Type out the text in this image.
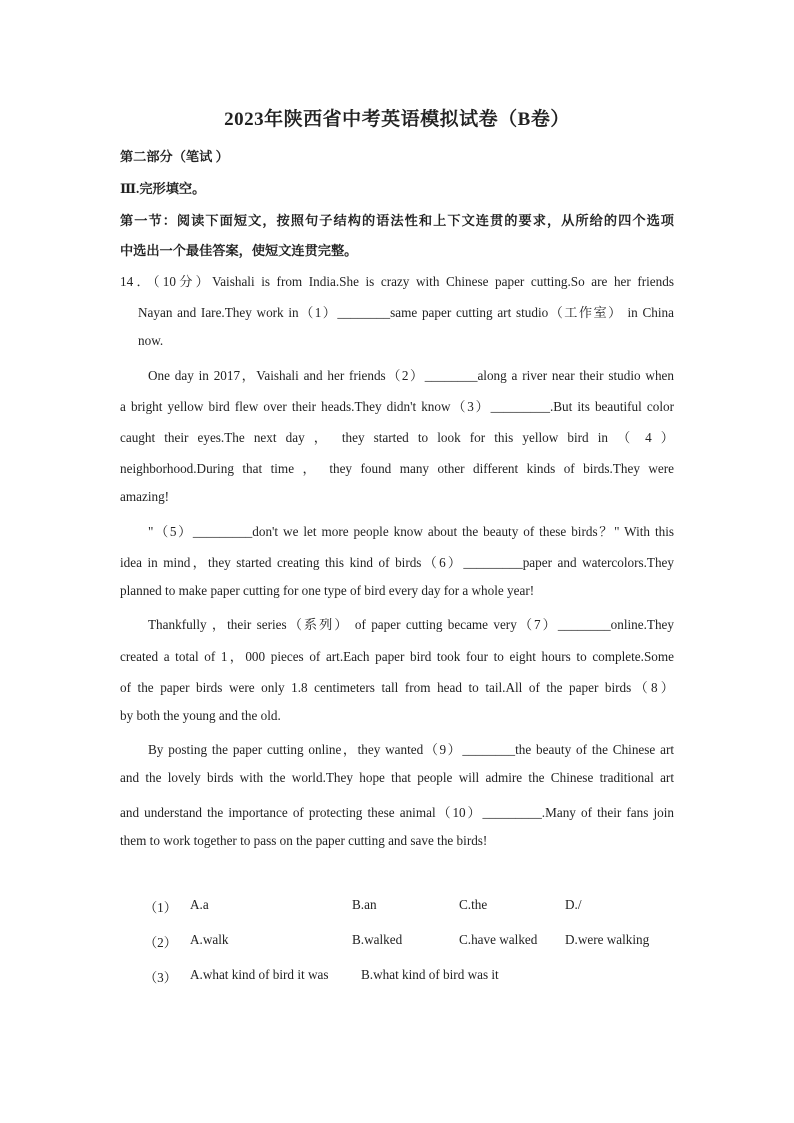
2023年陕西省中考英语模拟试卷（B卷）
第二部分（笔试 ）
Ⅲ.完形填空。
第一节：阅读下面短文，按照句子结构的语法性和上下文连贯的要求，从所给的四个选项
中选出一个最佳答案，使短文连贯完整。
14．（10分）Vaishali is from India.She is crazy with Chinese paper cutting.So are her friends
Nayan and Iare.They work in（1）________same paper cutting art studio（工作室） in China
now.
One day in 2017，Vaishali and her friends（2）________along a river near their studio when
a bright yellow bird flew over their heads.They didn't know（3）_________.But its beautiful color
caught their eyes.The next day ， they started to look for this yellow bird in （ 4 ）
neighborhood.During that time ， they found many other different kinds of birds.They were
amazing!
"（5）_________don't we let more people know about the beauty of these birds？" With this
idea in mind，they started creating this kind of birds（6）_________paper and watercolors.They
planned to make paper cutting for one type of bird every day for a whole year!
Thankfully ，their series（系列） of paper cutting became very（7）________online.They
created a total of 1，000 pieces of art.Each paper bird took four to eight hours to complete.Some
of the paper birds were only 1.8 centimeters tall from head to tail.All of the paper birds（8）
by both the young and the old.
By posting the paper cutting online，they wanted（9）________the beauty of the Chinese art
and the lovely birds with the world.They hope that people will admire the Chinese traditional art
and understand the importance of protecting these animal（10）_________.Many of their fans join
them to work together to pass on the paper cutting and save the birds!
（1） A.a	B.an	C.the	D./
（2） A.walk	B.walked	C.have walked D.were walking
（3） A.what kind of bird it was B.what kind of bird was it
